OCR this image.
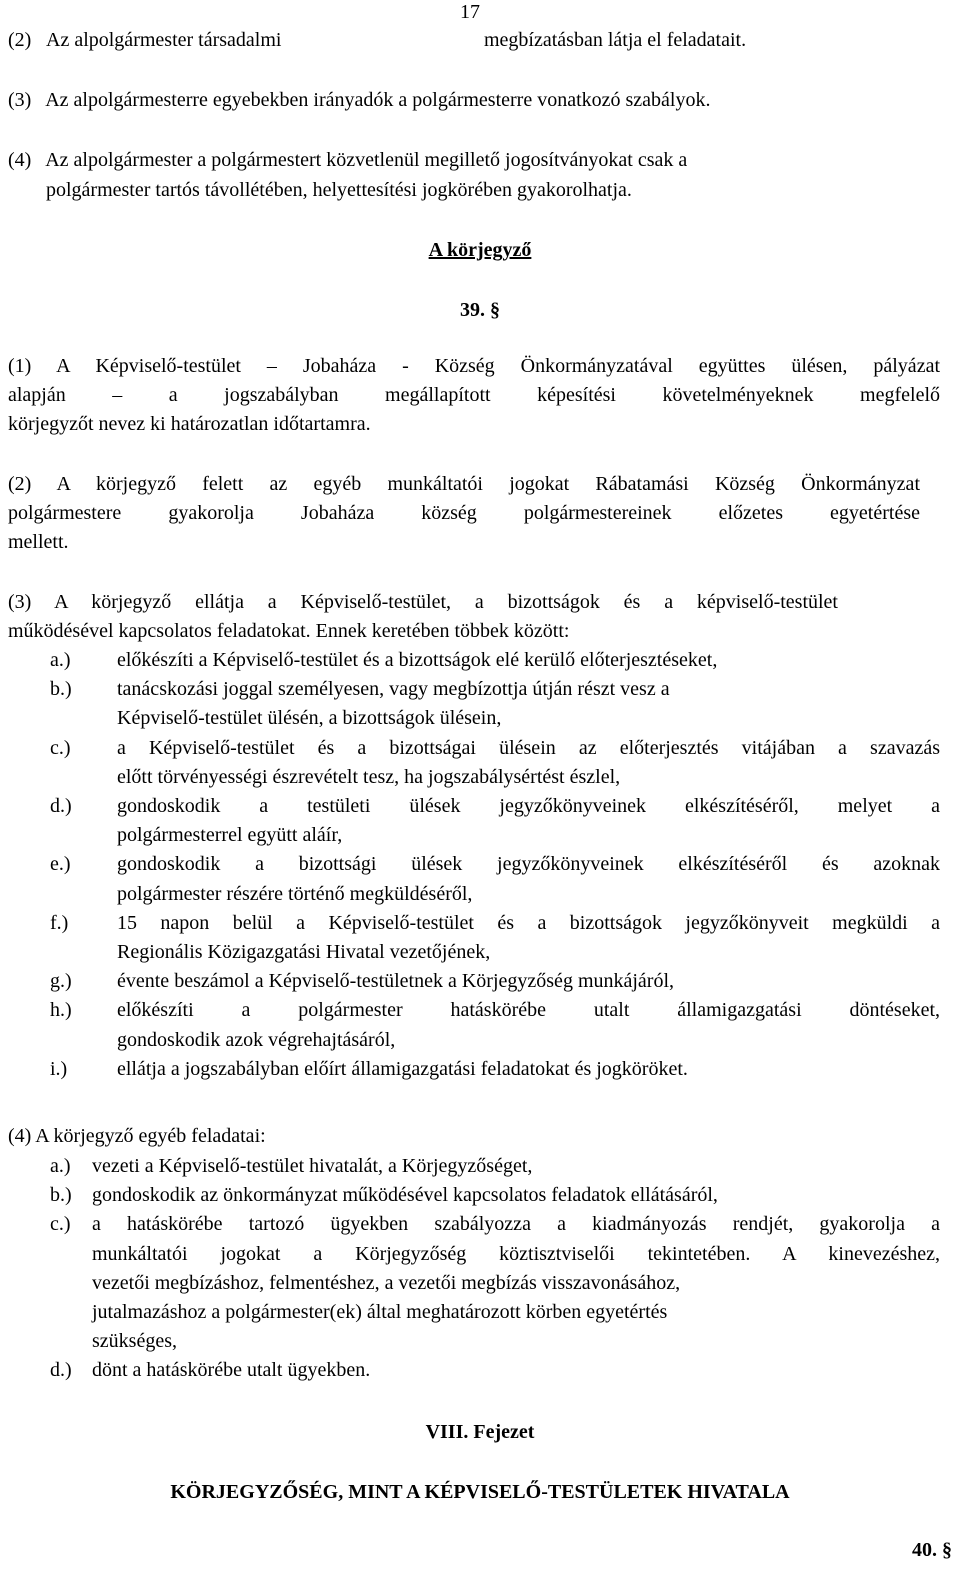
17
(2) Az alpolgármester társadalmi	megbízatásban látja el feladatait.
(3)   Az alpolgármesterre egyebekben irányadók a polgármesterre vonatkozó szabályok.
(4)   Az alpolgármester a polgármestert közvetlenül megillető jogosítványokat csak a
polgármester tartós távollétében, helyettesítési jogkörében gyakorolhatja.
A körjegyző
39. §
(1) A Képviselő-testület – Jobaháza - Község Önkormányzatával együttes ülésen, pályázat
alapján – a jogszabályban megállapított képesítési követelményeknek megfelelő
körjegyzőt nevez ki határozatlan időtartamra.
(2) A körjegyző felett az egyéb munkáltatói jogokat Rábatamási Község Önkormányzat
polgármestere gyakorolja Jobaháza község polgármestereinek előzetes egyetértése
mellett.
(3) A körjegyző ellátja a Képviselő-testület, a bizottságok és a képviselő-testület
működésével kapcsolatos feladatokat. Ennek keretében többek között:
a.) előkészíti a Képviselő-testület és a bizottságok elé kerülő előterjesztéseket,
b.) tanácskozási joggal személyesen, vagy megbízottja útján részt vesz a
Képviselő-testület ülésén, a bizottságok ülésein,
c.) a Képviselő-testület és a bizottságai ülésein az előterjesztés vitájában a szavazás
előtt törvényességi észrevételt tesz, ha jogszabálysértést észlel,
d.) gondoskodik a testületi ülések jegyzőkönyveinek elkészítéséről, melyet a
polgármesterrel együtt aláír,
e.) gondoskodik a bizottsági ülések jegyzőkönyveinek elkészítéséről és azoknak
polgármester részére történő megküldéséről,
f.) 15 napon belül a Képviselő-testület és a bizottságok jegyzőkönyveit megküldi a
Regionális Közigazgatási Hivatal vezetőjének,
g.) évente beszámol a Képviselő-testületnek a Körjegyzőség munkájáról,
h.) előkészíti a polgármester hatáskörébe utalt államigazgatási döntéseket,
gondoskodik azok végrehajtásáról,
i.) ellátja a jogszabályban előírt államigazgatási feladatokat és jogköröket.
(4) A körjegyző egyéb feladatai:
a.) vezeti a Képviselő-testület hivatalát, a Körjegyzőséget,
b.) gondoskodik az önkormányzat működésével kapcsolatos feladatok ellátásáról,
c.) a hatáskörébe tartozó ügyekben szabályozza a kiadmányozás rendjét, gyakorolja a
munkáltatói jogokat a Körjegyzőség köztisztviselői tekintetében. A kinevezéshez,
vezetői megbízáshoz, felmentéshez, a vezetői megbízás visszavonásához,
jutalmazáshoz a polgármester(ek) által meghatározott körben egyetértés
szükséges,
d.) dönt a hatáskörébe utalt ügyekben.
VIII. Fejezet
KÖRJEGYZŐSÉG, MINT A KÉPVISELŐ-TESTÜLETEK HIVATALA
40. §
